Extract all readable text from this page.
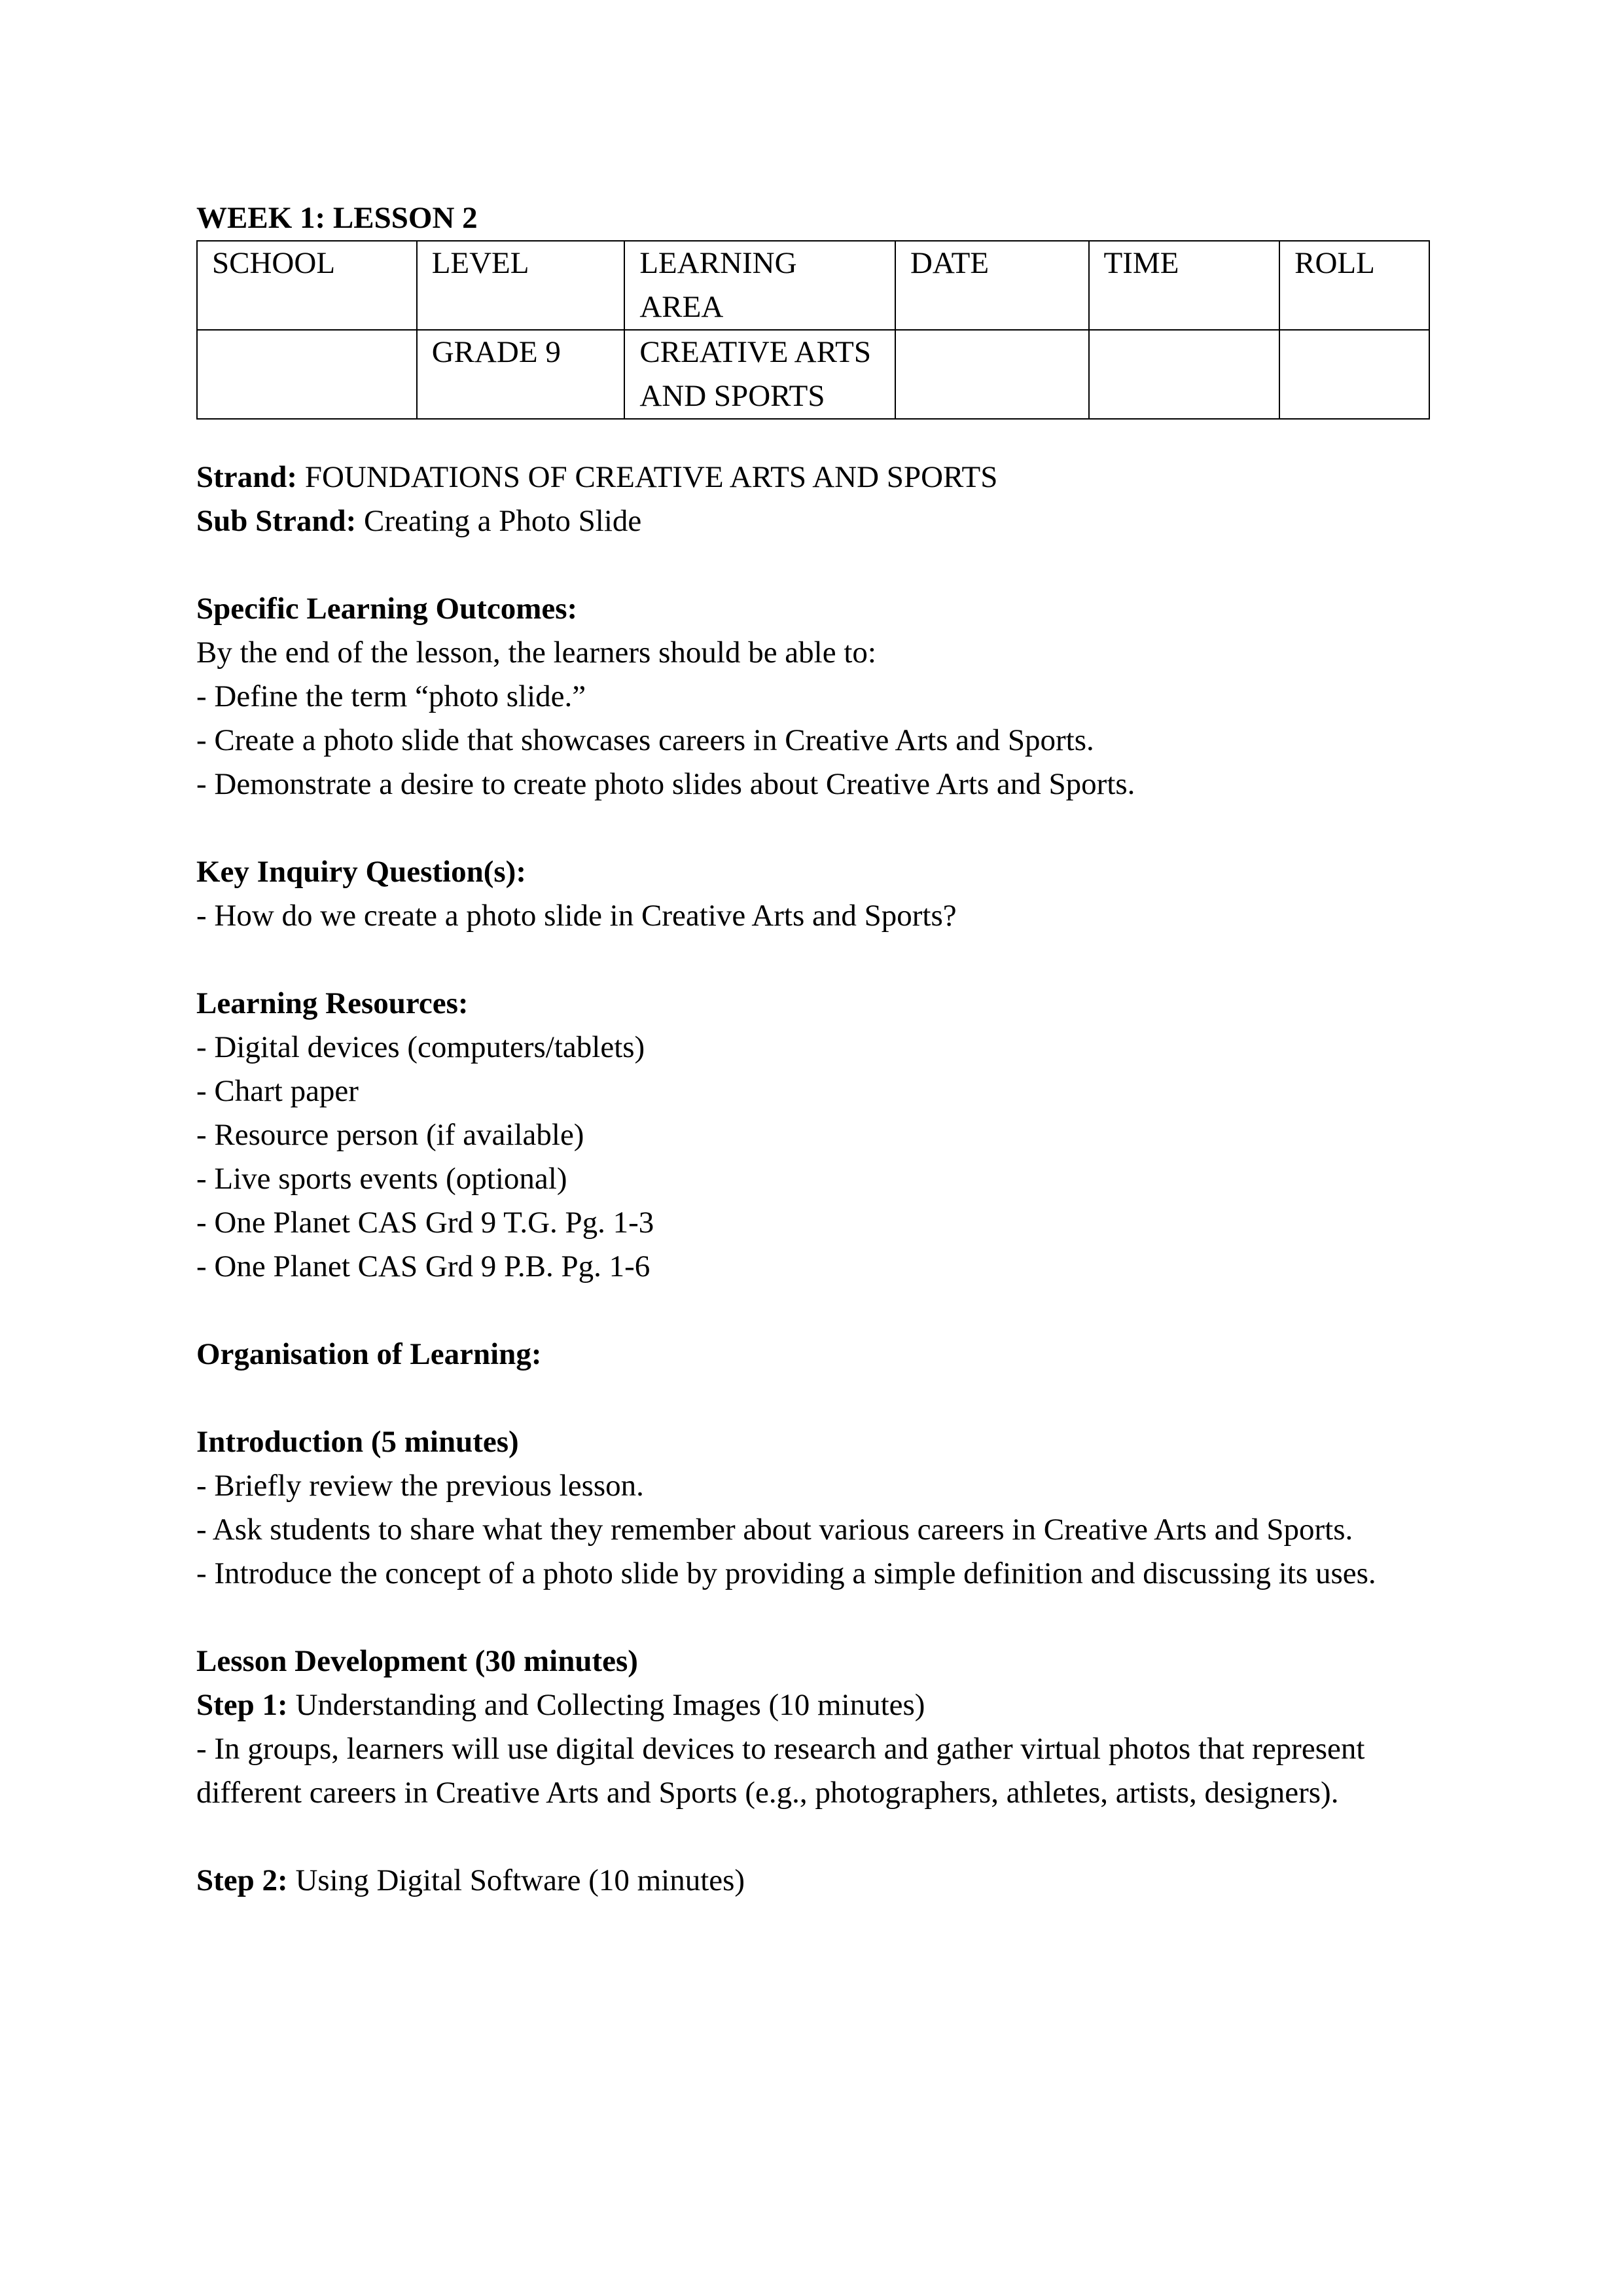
WEEK 1: LESSON 2
SCHOOL	LEVEL	LEARNING AREA	DATE	TIME	ROLL
	GRADE 9	CREATIVE ARTS AND SPORTS			
Strand: FOUNDATIONS OF CREATIVE ARTS AND SPORTS
Sub Strand: Creating a Photo Slide
Specific Learning Outcomes:
By the end of the lesson, the learners should be able to:
- Define the term “photo slide.”
- Create a photo slide that showcases careers in Creative Arts and Sports.
- Demonstrate a desire to create photo slides about Creative Arts and Sports.
Key Inquiry Question(s):
- How do we create a photo slide in Creative Arts and Sports?
Learning Resources:
- Digital devices (computers/tablets)
- Chart paper
- Resource person (if available)
- Live sports events (optional)
- One Planet CAS Grd 9 T.G. Pg. 1-3
- One Planet CAS Grd 9 P.B. Pg. 1-6
Organisation of Learning:
Introduction (5 minutes)
- Briefly review the previous lesson.
- Ask students to share what they remember about various careers in Creative Arts and Sports.
- Introduce the concept of a photo slide by providing a simple definition and discussing its uses.
Lesson Development (30 minutes)
Step 1: Understanding and Collecting Images (10 minutes)
- In groups, learners will use digital devices to research and gather virtual photos that represent different careers in Creative Arts and Sports (e.g., photographers, athletes, artists, designers).
Step 2: Using Digital Software (10 minutes)
